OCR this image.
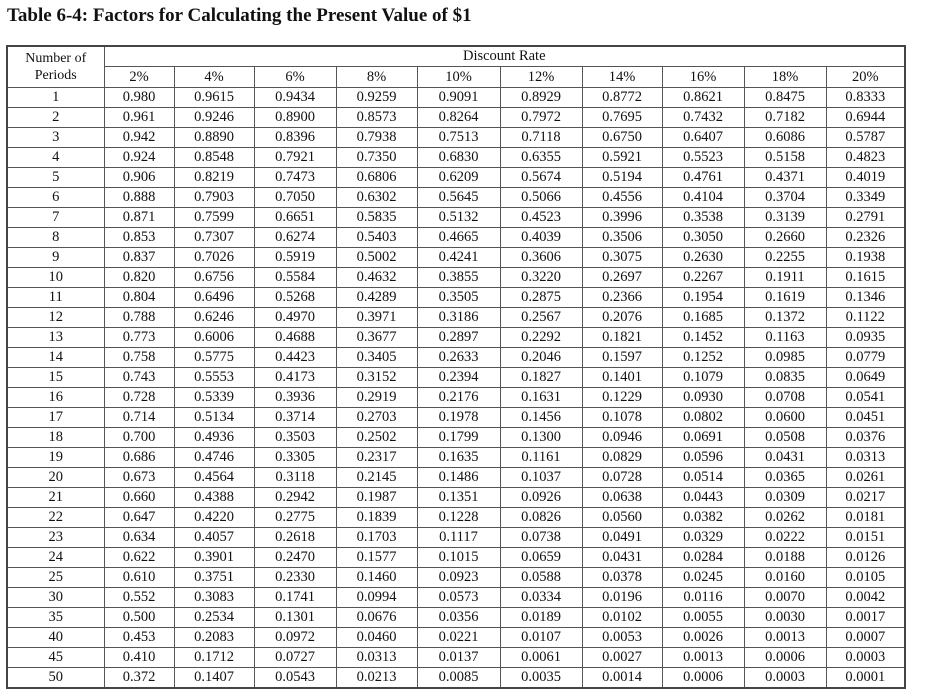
Table 6-4: Factors for Calculating the Present Value of $1
Number of
Periods	Discount Rate									
	2%	4%	6%	8%	10%	12%	14%	16%	18%	20%
1	0.980	0.9615	0.9434	0.9259	0.9091	0.8929	0.8772	0.8621	0.8475	0.8333
2	0.961	0.9246	0.8900	0.8573	0.8264	0.7972	0.7695	0.7432	0.7182	0.6944
3	0.942	0.8890	0.8396	0.7938	0.7513	0.7118	0.6750	0.6407	0.6086	0.5787
4	0.924	0.8548	0.7921	0.7350	0.6830	0.6355	0.5921	0.5523	0.5158	0.4823
5	0.906	0.8219	0.7473	0.6806	0.6209	0.5674	0.5194	0.4761	0.4371	0.4019
6	0.888	0.7903	0.7050	0.6302	0.5645	0.5066	0.4556	0.4104	0.3704	0.3349
7	0.871	0.7599	0.6651	0.5835	0.5132	0.4523	0.3996	0.3538	0.3139	0.2791
8	0.853	0.7307	0.6274	0.5403	0.4665	0.4039	0.3506	0.3050	0.2660	0.2326
9	0.837	0.7026	0.5919	0.5002	0.4241	0.3606	0.3075	0.2630	0.2255	0.1938
10	0.820	0.6756	0.5584	0.4632	0.3855	0.3220	0.2697	0.2267	0.1911	0.1615
11	0.804	0.6496	0.5268	0.4289	0.3505	0.2875	0.2366	0.1954	0.1619	0.1346
12	0.788	0.6246	0.4970	0.3971	0.3186	0.2567	0.2076	0.1685	0.1372	0.1122
13	0.773	0.6006	0.4688	0.3677	0.2897	0.2292	0.1821	0.1452	0.1163	0.0935
14	0.758	0.5775	0.4423	0.3405	0.2633	0.2046	0.1597	0.1252	0.0985	0.0779
15	0.743	0.5553	0.4173	0.3152	0.2394	0.1827	0.1401	0.1079	0.0835	0.0649
16	0.728	0.5339	0.3936	0.2919	0.2176	0.1631	0.1229	0.0930	0.0708	0.0541
17	0.714	0.5134	0.3714	0.2703	0.1978	0.1456	0.1078	0.0802	0.0600	0.0451
18	0.700	0.4936	0.3503	0.2502	0.1799	0.1300	0.0946	0.0691	0.0508	0.0376
19	0.686	0.4746	0.3305	0.2317	0.1635	0.1161	0.0829	0.0596	0.0431	0.0313
20	0.673	0.4564	0.3118	0.2145	0.1486	0.1037	0.0728	0.0514	0.0365	0.0261
21	0.660	0.4388	0.2942	0.1987	0.1351	0.0926	0.0638	0.0443	0.0309	0.0217
22	0.647	0.4220	0.2775	0.1839	0.1228	0.0826	0.0560	0.0382	0.0262	0.0181
23	0.634	0.4057	0.2618	0.1703	0.1117	0.0738	0.0491	0.0329	0.0222	0.0151
24	0.622	0.3901	0.2470	0.1577	0.1015	0.0659	0.0431	0.0284	0.0188	0.0126
25	0.610	0.3751	0.2330	0.1460	0.0923	0.0588	0.0378	0.0245	0.0160	0.0105
30	0.552	0.3083	0.1741	0.0994	0.0573	0.0334	0.0196	0.0116	0.0070	0.0042
35	0.500	0.2534	0.1301	0.0676	0.0356	0.0189	0.0102	0.0055	0.0030	0.0017
40	0.453	0.2083	0.0972	0.0460	0.0221	0.0107	0.0053	0.0026	0.0013	0.0007
45	0.410	0.1712	0.0727	0.0313	0.0137	0.0061	0.0027	0.0013	0.0006	0.0003
50	0.372	0.1407	0.0543	0.0213	0.0085	0.0035	0.0014	0.0006	0.0003	0.0001
